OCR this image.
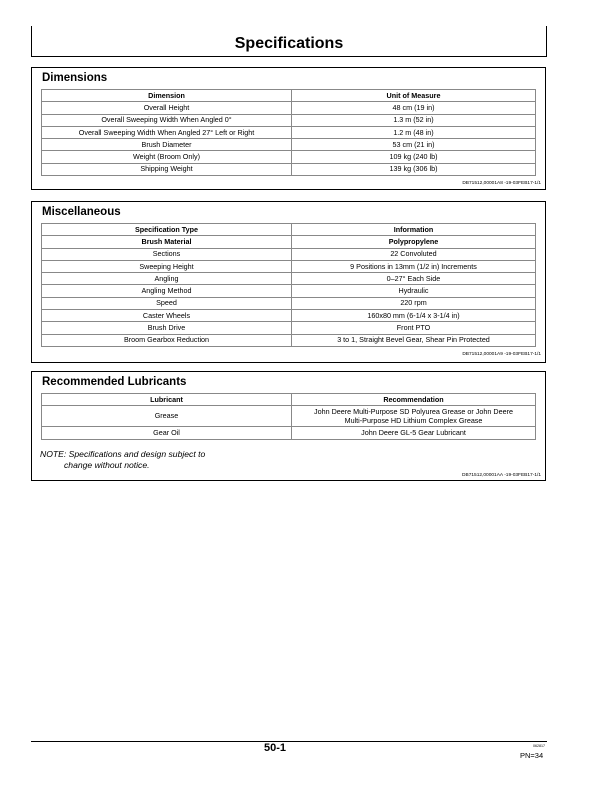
Specifications
Dimensions
Dimension	Unit of Measure
Overall Height	48 cm (19 in)
Overall Sweeping Width When Angled 0°	1.3 m (52 in)
Overall Sweeping Width When Angled 27° Left or Right	1.2 m (48 in)
Brush Diameter	53 cm (21 in)
Weight (Broom Only)	109 kg (240 lb)
Shipping Weight	139 kg (306 lb)
DB71512,00001A8 -19-03FEB17-1/1
Miscellaneous
Specification Type	Information
Brush Material	Polypropylene
Sections	22 Convoluted
Sweeping Height	9 Positions in 13mm (1/2 in) Increments
Angling	0–27° Each Side
Angling Method	Hydraulic
Speed	220 rpm
Caster Wheels	160x80 mm (6-1/4 x 3-1/4 in)
Brush Drive	Front PTO
Broom Gearbox Reduction	3 to 1, Straight Bevel Gear, Shear Pin Protected
DB71512,00001A9 -19-03FEB17-1/1
Recommended Lubricants
Lubricant	Recommendation
Grease	John Deere Multi-Purpose SD Polyurea Grease or John Deere
Multi-Purpose HD Lithium Complex Grease
Gear Oil	John Deere GL-5 Gear Lubricant
NOTE: Specifications and design subject to
change without notice.
DB71512,00001AA -19-03FEB17-1/1
50-1	062817
PN=34
